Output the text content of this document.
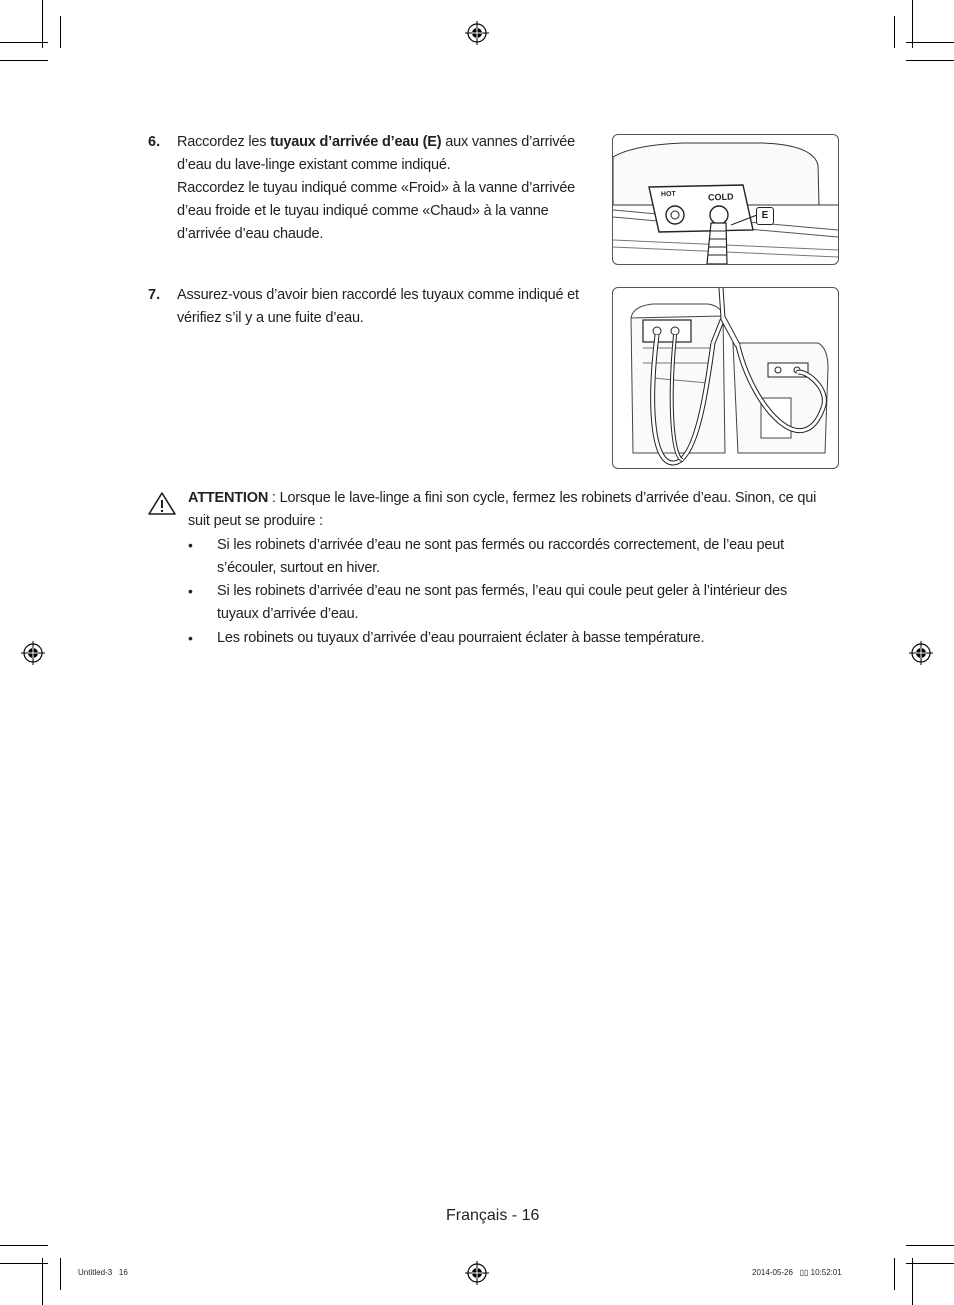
6. Raccordez les tuyaux d’arrivée d’eau (E) aux vannes d’arrivée d’eau du lave-linge existant comme indiqué.
Raccordez le tuyau indiqué comme «Froid» à la vanne d’arrivée d’eau froide et le tuyau indiqué comme «Chaud» à la vanne d’arrivée d’eau chaude.
HOT	COLD
E
7. Assurez-vous d’avoir bien raccordé les tuyaux comme indiqué et vérifiez s’il y a une fuite d’eau.
ATTENTION : Lorsque le lave-linge a fini son cycle, fermez les robinets d’arrivée d’eau. Sinon, ce qui suit peut se produire :
• Si les robinets d’arrivée d’eau ne sont pas fermés ou raccordés correctement, de l’eau peut s’écouler, surtout en hiver.
• Si les robinets d’arrivée d’eau ne sont pas fermés, l’eau qui coule peut geler à l’intérieur des tuyaux d’arrivée d’eau.
• Les robinets ou tuyaux d’arrivée d’eau pourraient éclater à basse température.
Français - 16
Untitled-3   16	2014-05-26   ▯▯ 10:52:01
